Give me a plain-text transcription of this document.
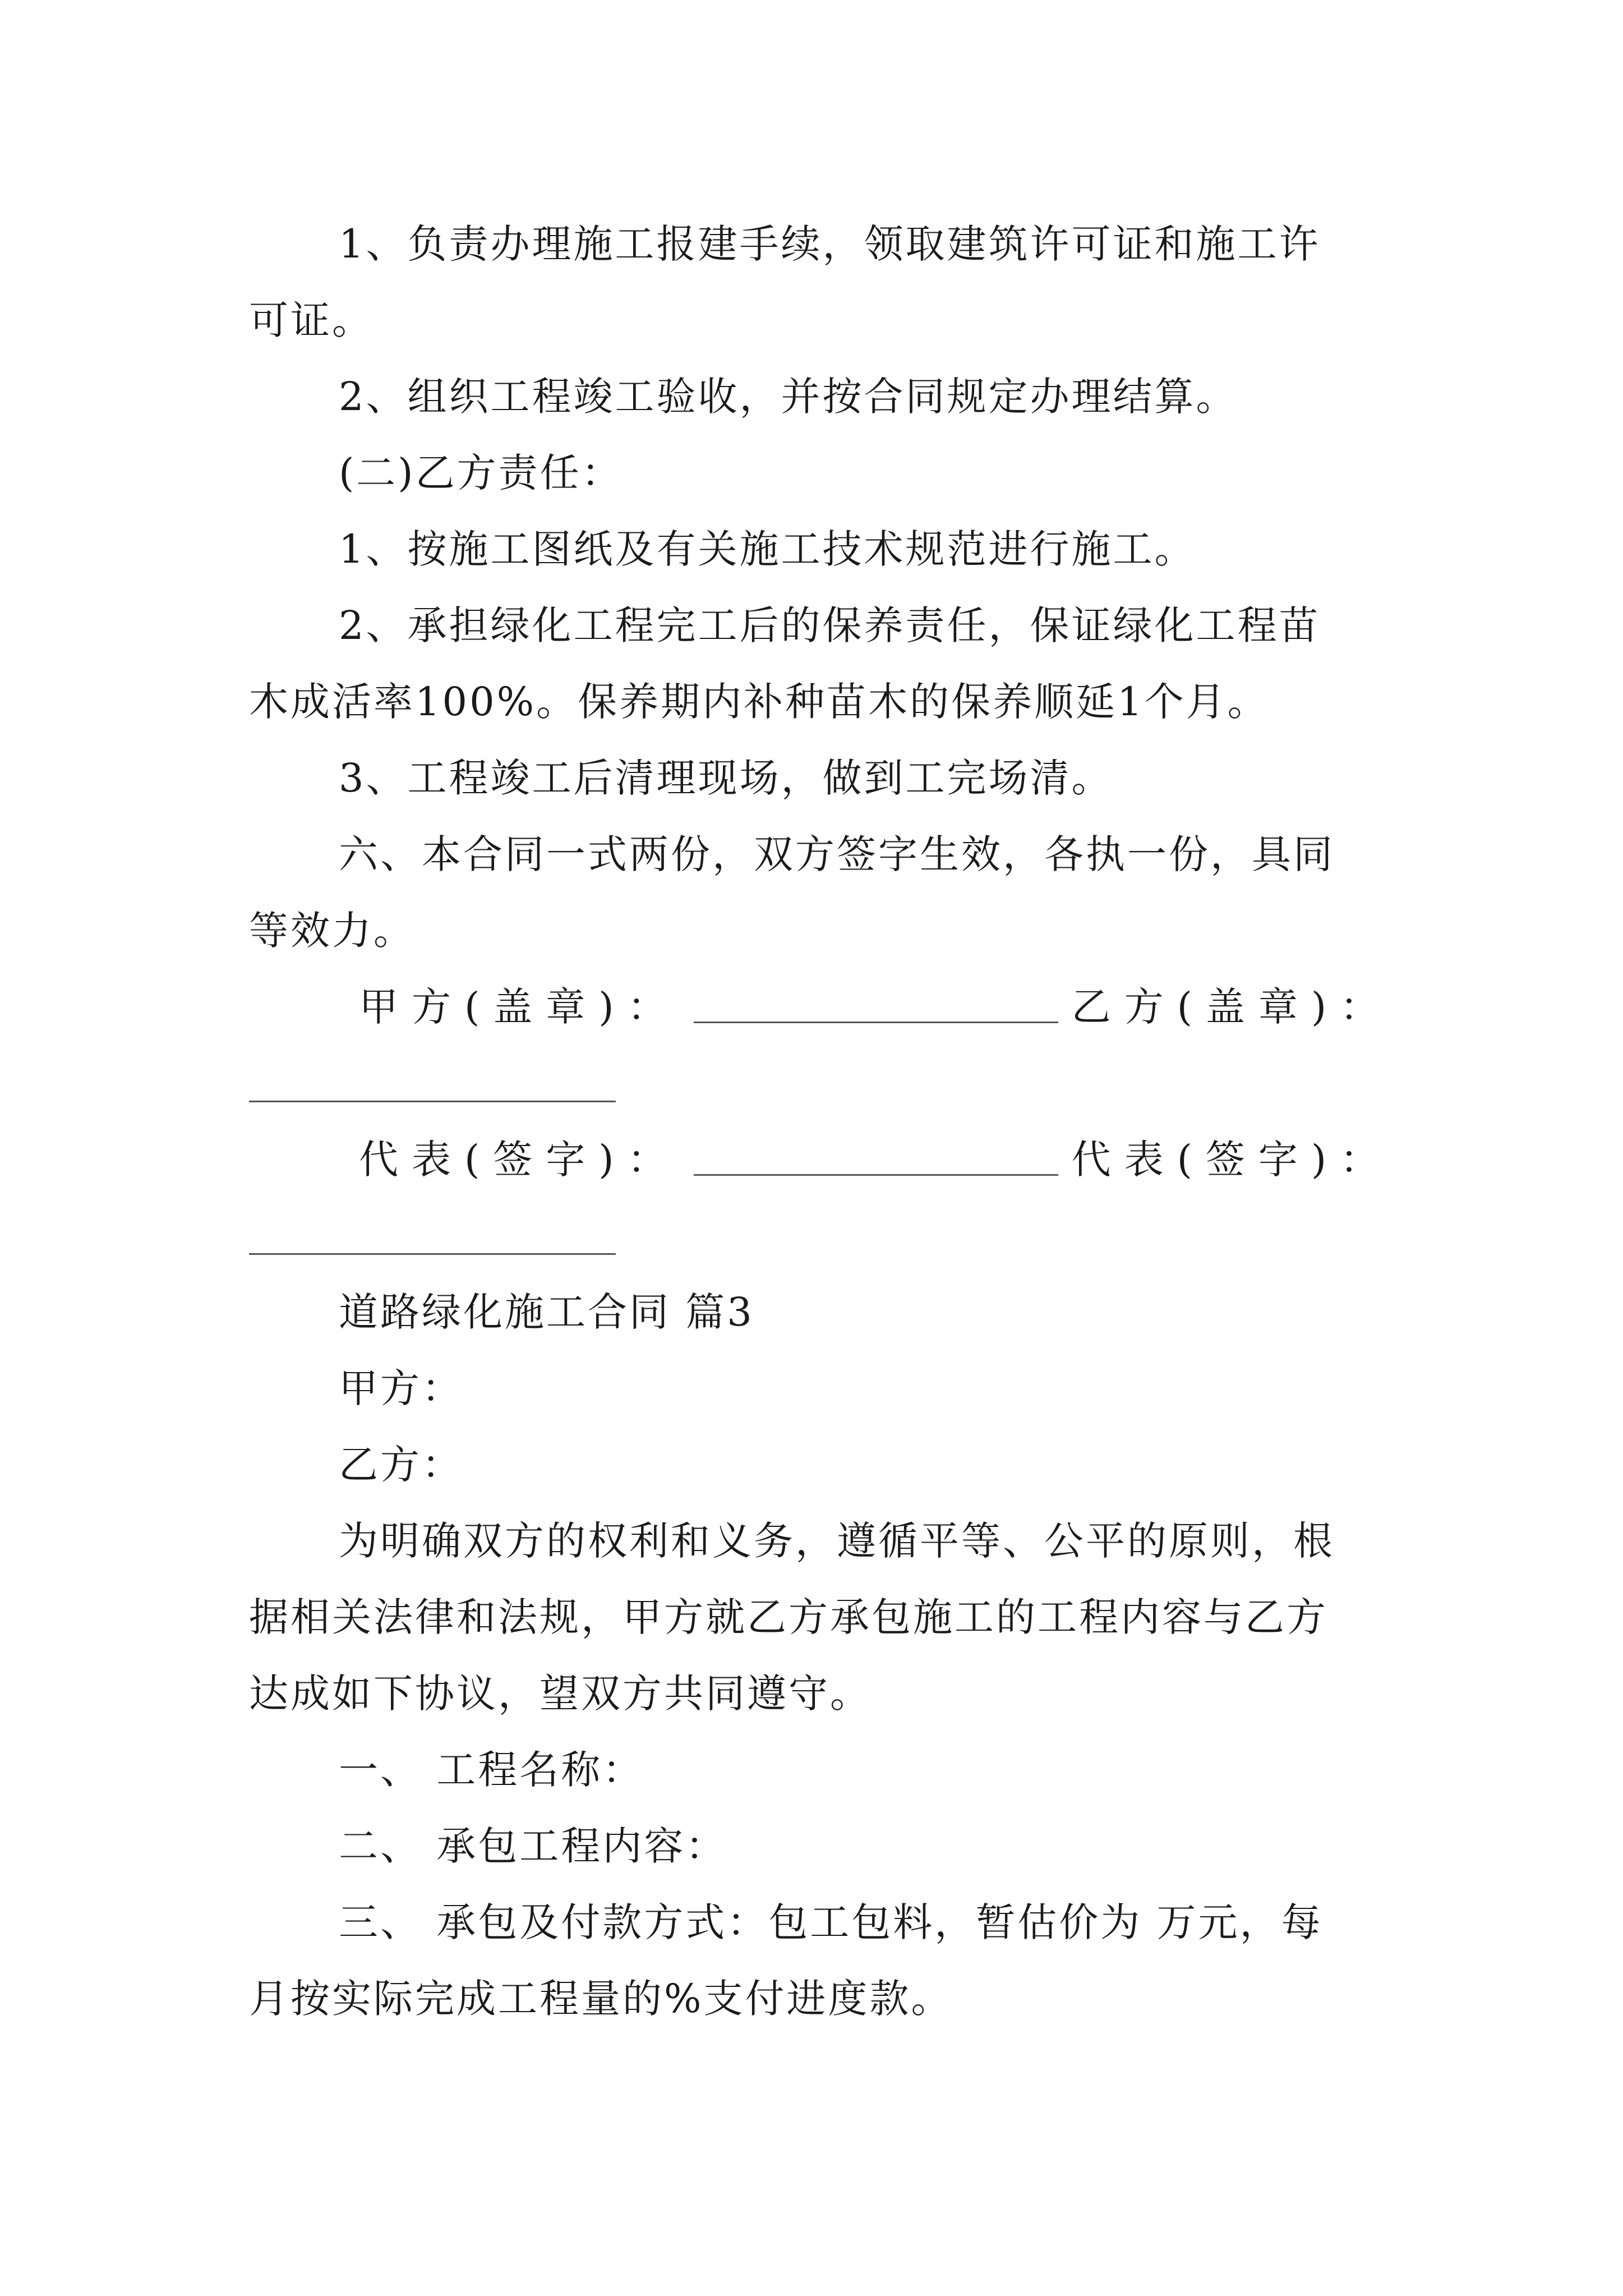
1、负责办理施工报建手续，领取建筑许可证和施工许
可证。
2、组织工程竣工验收，并按合同规定办理结算。
(二)乙方责任：
1、按施工图纸及有关施工技术规范进行施工。
2、承担绿化工程完工后的保养责任，保证绿化工程苗
木成活率100%。保养期内补种苗木的保养顺延1个月。
3、工程竣工后清理现场，做到工完场清。
六、本合同一式两份，双方签字生效，各执一份，具同
等效力。
甲方(盖章)：	乙方(盖章)：
代表(签字)：	代表(签字)：
道路绿化施工合同 篇3
甲方：
乙方：
为明确双方的权利和义务，遵循平等、公平的原则，根
据相关法律和法规，甲方就乙方承包施工的工程内容与乙方
达成如下协议，望双方共同遵守。
一、 工程名称：
二、 承包工程内容：
三、 承包及付款方式：包工包料，暂估价为 万元，每
月按实际完成工程量的%支付进度款。
